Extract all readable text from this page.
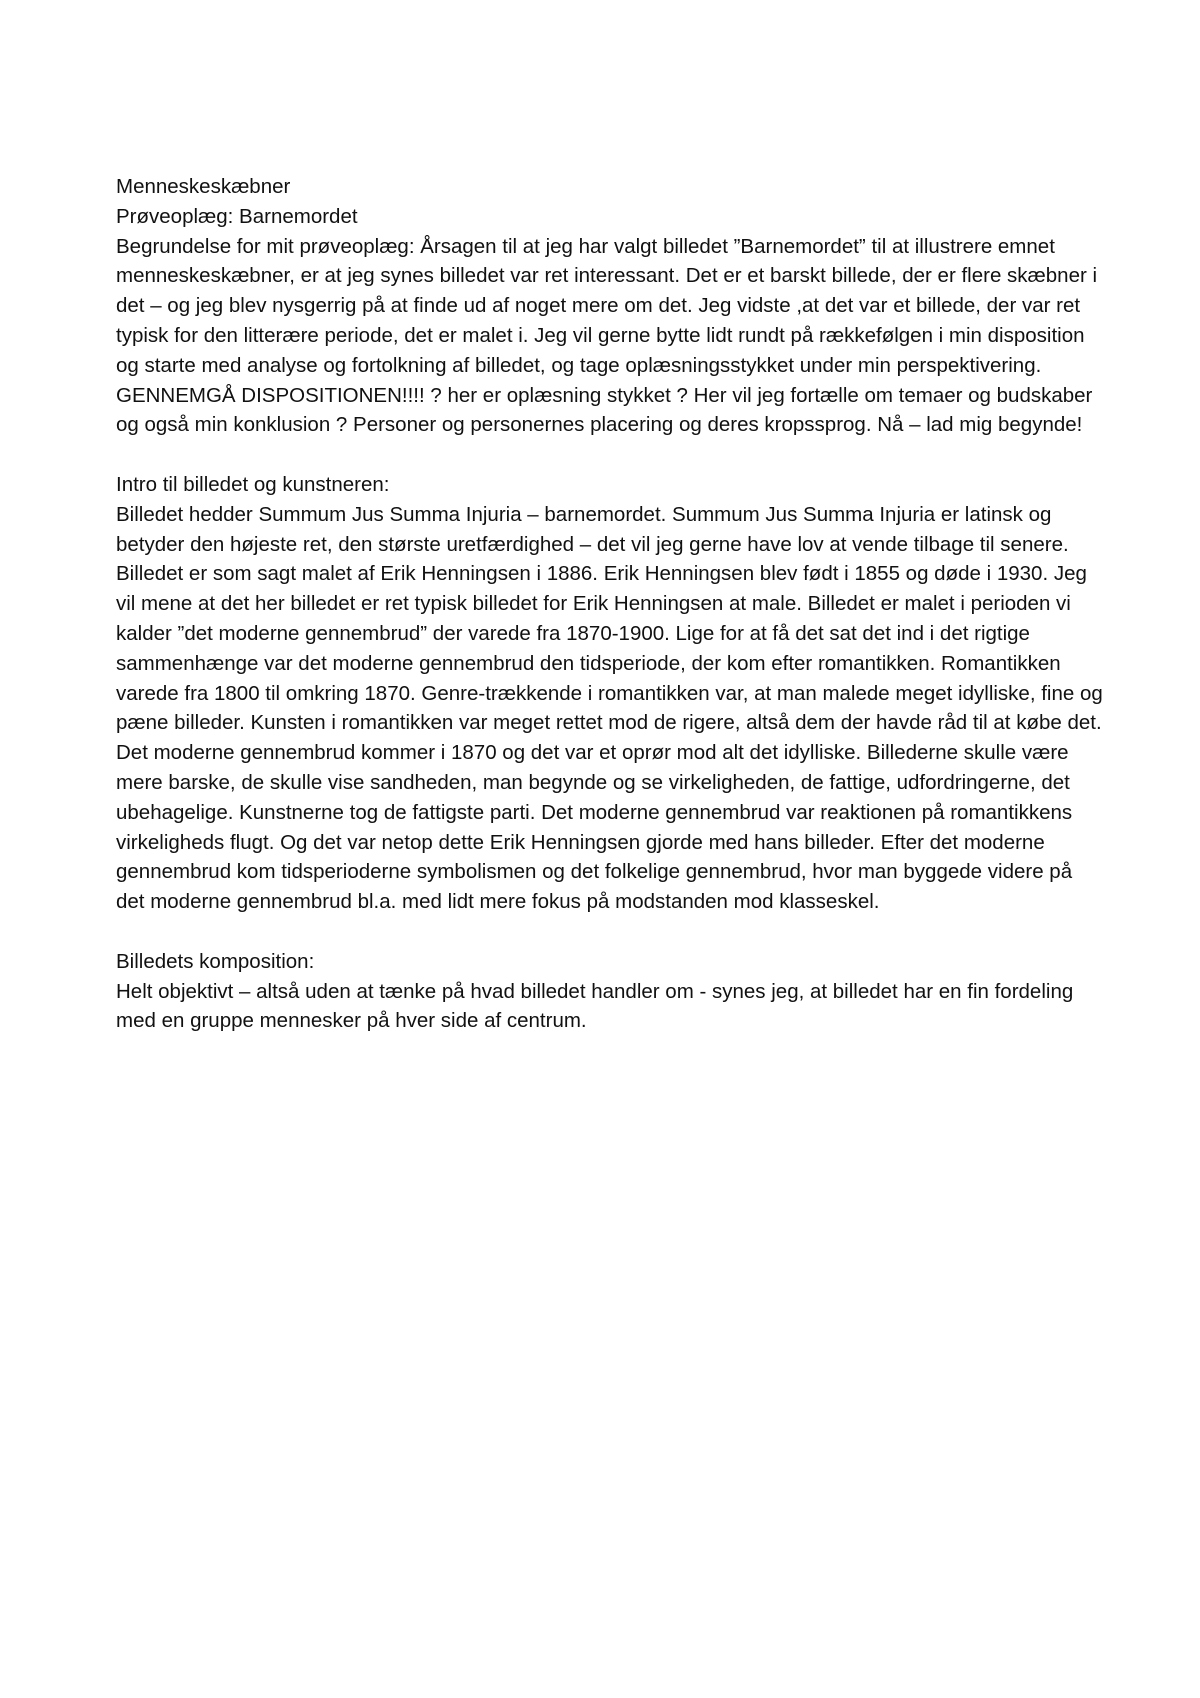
Menneskeskæbner

Prøveoplæg: Barnemordet

Begrundelse for mit prøveoplæg: Årsagen til at jeg har valgt billedet ”Barnemordet” til at illustrere emnet menneskeskæbner, er at jeg synes billedet var ret interessant. Det er et barskt billede, der er flere skæbner i det – og jeg blev nysgerrig på at finde ud af noget mere om det. Jeg vidste ,at det var et billede, der var ret typisk for den litterære periode, det er malet i. Jeg vil gerne bytte lidt rundt på rækkefølgen i min disposition og starte med analyse og fortolkning af billedet, og tage oplæsningsstykket under min perspektivering. GENNEMGÅ DISPOSITIONEN!!!! ? her er oplæsning stykket ? Her vil jeg fortælle om temaer og budskaber og også min konklusion ? Personer og personernes placering og deres kropssprog. Nå – lad mig begynde!

Intro til billedet og kunstneren:

Billedet hedder Summum Jus Summa Injuria – barnemordet. Summum Jus Summa Injuria er latinsk og betyder den højeste ret, den største uretfærdighed – det vil jeg gerne have lov at vende tilbage til senere. Billedet er som sagt malet af Erik Henningsen i 1886. Erik Henningsen blev født i 1855 og døde i 1930. Jeg vil mene at det her billedet er ret typisk billedet for Erik Henningsen at male. Billedet er malet i perioden vi kalder ”det moderne gennembrud” der varede fra 1870-1900. Lige for at få det sat det ind i det rigtige sammenhænge var det moderne gennembrud den tidsperiode, der kom efter romantikken. Romantikken varede fra 1800 til omkring 1870. Genre-trækkende i romantikken var, at man malede meget idylliske, fine og pæne billeder. Kunsten i romantikken var meget rettet mod de rigere, altså dem der havde råd til at købe det. Det moderne gennembrud kommer i 1870 og det var et oprør mod alt det idylliske. Billederne skulle være mere barske, de skulle vise sandheden, man begynde og se virkeligheden, de fattige, udfordringerne, det ubehagelige. Kunstnerne tog de fattigste parti. Det moderne gennembrud var reaktionen på romantikkens virkeligheds flugt. Og det var netop dette Erik Henningsen gjorde med hans billeder. Efter det moderne gennembrud kom tidsperioderne symbolismen og det folkelige gennembrud, hvor man byggede videre på det moderne gennembrud bl.a. med lidt mere fokus på modstanden mod klasseskel.

Billedets komposition:

Helt objektivt – altså uden at tænke på hvad billedet handler om - synes jeg, at billedet har en fin fordeling med en gruppe mennesker på hver side af centrum.
